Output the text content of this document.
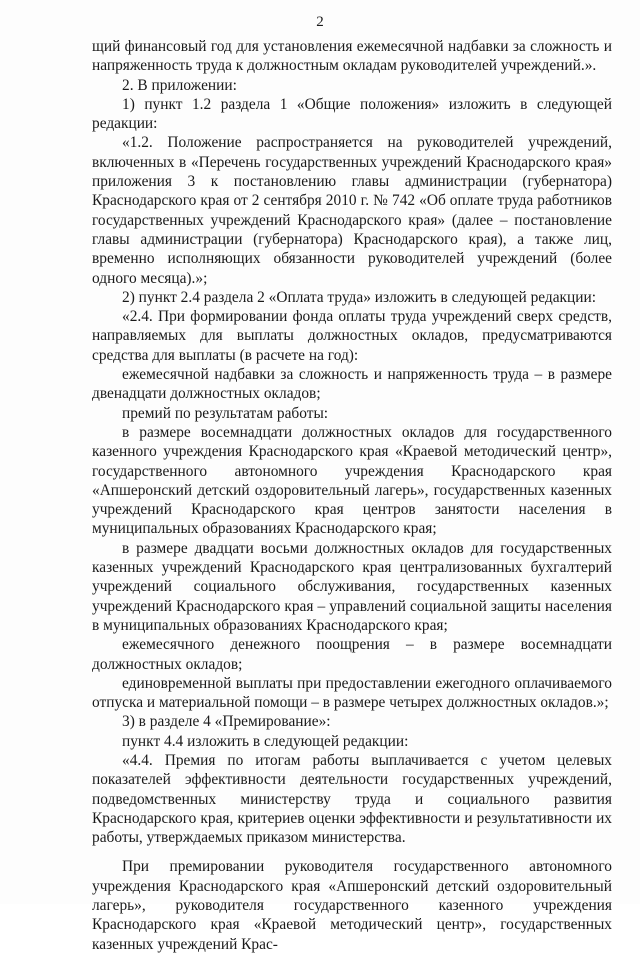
2

щий финансовый год для установления ежемесячной надбавки за сложность и напряженность труда к должностным окладам руководителей учреждений.».

2. В приложении:

1) пункт 1.2 раздела 1 «Общие положения» изложить в следующей редакции:

«1.2. Положение распространяется на руководителей учреждений, включенных в «Перечень государственных учреждений Краснодарского края» приложения 3 к постановлению главы администрации (губернатора) Краснодарского края от 2 сентября 2010 г. № 742 «Об оплате труда работников государственных учреждений Краснодарского края» (далее – постановление главы администрации (губернатора) Краснодарского края), а также лиц, временно исполняющих обязанности руководителей учреждений (более одного месяца).»;

2) пункт 2.4 раздела 2 «Оплата труда» изложить в следующей редакции:

«2.4. При формировании фонда оплаты труда учреждений сверх средств, направляемых для выплаты должностных окладов, предусматриваются средства для выплаты (в расчете на год):

ежемесячной надбавки за сложность и напряженность труда – в размере двенадцати должностных окладов;

премий по результатам работы:

в размере восемнадцати должностных окладов для государственного казенного учреждения Краснодарского края «Краевой методический центр», государственного автономного учреждения Краснодарского края «Апшеронский детский оздоровительный лагерь», государственных казенных учреждений Краснодарского края центров занятости населения в муниципальных образованиях Краснодарского края;

в размере двадцати восьми должностных окладов для государственных казенных учреждений Краснодарского края централизованных бухгалтерий учреждений социального обслуживания, государственных казенных учреждений Краснодарского края – управлений социальной защиты населения в муниципальных образованиях Краснодарского края;

ежемесячного денежного поощрения – в размере восемнадцати должностных окладов;

единовременной выплаты при предоставлении ежегодного оплачиваемого отпуска и материальной помощи – в размере четырех должностных окладов.»;

3) в разделе 4 «Премирование»:

пункт 4.4 изложить в следующей редакции:

«4.4. Премия по итогам работы выплачивается с учетом целевых показателей эффективности деятельности государственных учреждений, подведомственных министерству труда и социального развития Краснодарского края, критериев оценки эффективности и результативности их работы, утверждаемых приказом министерства.

При премировании руководителя государственного автономного учреждения Краснодарского края «Апшеронский детский оздоровительный лагерь», руководителя государственного казенного учреждения Краснодарского края «Краевой методический центр», государственных казенных учреждений Крас-
